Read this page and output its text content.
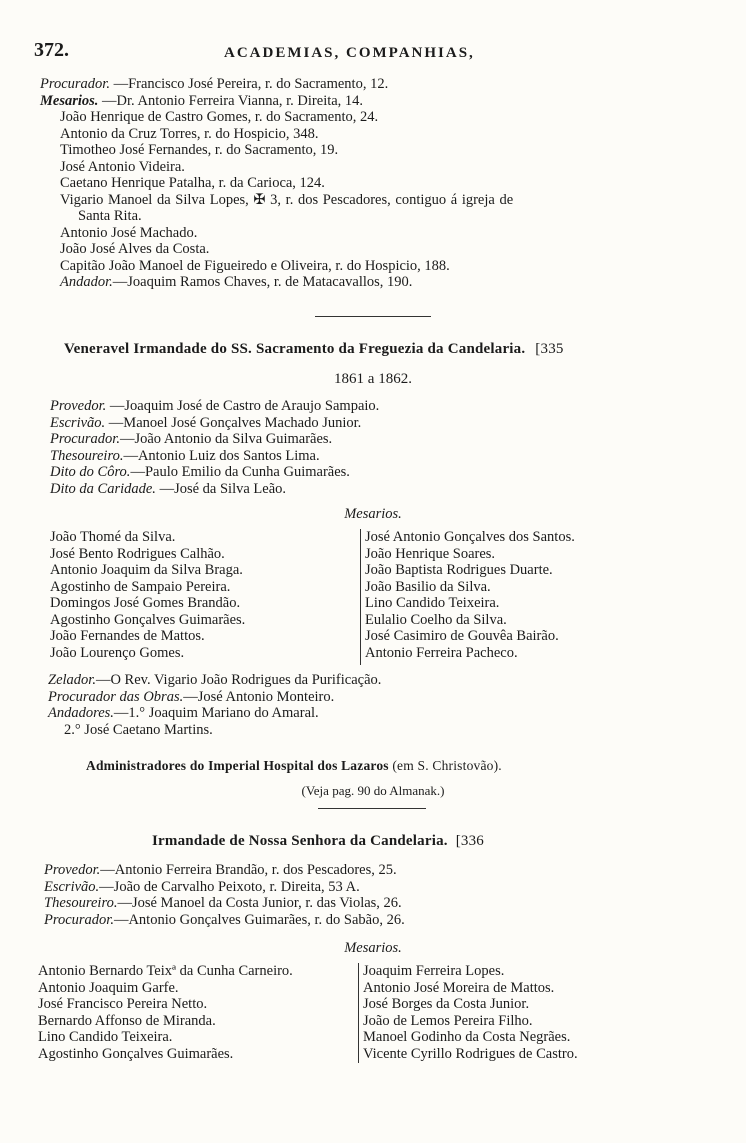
372.	ACADEMIAS, COMPANHIAS,
Procurador. —Francisco José Pereira, r. do Sacramento, 12.
Mesarios. —Dr. Antonio Ferreira Vianna, r. Direita, 14.
João Henrique de Castro Gomes, r. do Sacramento, 24.
Antonio da Cruz Torres, r. do Hospicio, 348.
Timotheo José Fernandes, r. do Sacramento, 19.
José Antonio Videira.
Caetano Henrique Patalha, r. da Carioca, 124.
Vigario Manoel da Silva Lopes, ✠ 3, r. dos Pescadores, contiguo á igreja de
Santa Rita.
Antonio José Machado.
João José Alves da Costa.
Capitão João Manoel de Figueiredo e Oliveira, r. do Hospicio, 188.
Andador.—Joaquim Ramos Chaves, r. de Matacavallos, 190.
Veneravel Irmandade do SS. Sacramento da Freguezia da Candelaria. [335
1861 a 1862.
Provedor. —Joaquim José de Castro de Araujo Sampaio.
Escrivão. —Manoel José Gonçalves Machado Junior.
Procurador.—João Antonio da Silva Guimarães.
Thesoureiro.—Antonio Luiz dos Santos Lima.
Dito do Côro.—Paulo Emilio da Cunha Guimarães.
Dito da Caridade. —José da Silva Leão.
Mesarios.
João Thomé da Silva.
José Bento Rodrigues Calhão.
Antonio Joaquim da Silva Braga.
Agostinho de Sampaio Pereira.
Domingos José Gomes Brandão.
Agostinho Gonçalves Guimarães.
João Fernandes de Mattos.
João Lourenço Gomes.
José Antonio Gonçalves dos Santos.
João Henrique Soares.
João Baptista Rodrigues Duarte.
João Basilio da Silva.
Lino Candido Teixeira.
Eulalio Coelho da Silva.
José Casimiro de Gouvêa Bairão.
Antonio Ferreira Pacheco.
Zelador.—O Rev. Vigario João Rodrigues da Purificação.
Procurador das Obras.—José Antonio Monteiro.
Andadores.—1.° Joaquim Mariano do Amaral.
2.° José Caetano Martins.
Administradores do Imperial Hospital dos Lazaros (em S. Christovão).
(Veja pag. 90 do Almanak.)
Irmandade de Nossa Senhora da Candelaria. [336
Provedor.—Antonio Ferreira Brandão, r. dos Pescadores, 25.
Escrivão.—João de Carvalho Peixoto, r. Direita, 53 A.
Thesoureiro.—José Manoel da Costa Junior, r. das Violas, 26.
Procurador.—Antonio Gonçalves Guimarães, r. do Sabão, 26.
Mesarios.
Antonio Bernardo Teixª da Cunha Carneiro.
Antonio Joaquim Garfe.
José Francisco Pereira Netto.
Bernardo Affonso de Miranda.
Lino Candido Teixeira.
Agostinho Gonçalves Guimarães.
Joaquim Ferreira Lopes.
Antonio José Moreira de Mattos.
José Borges da Costa Junior.
João de Lemos Pereira Filho.
Manoel Godinho da Costa Negrães.
Vicente Cyrillo Rodrigues de Castro.
